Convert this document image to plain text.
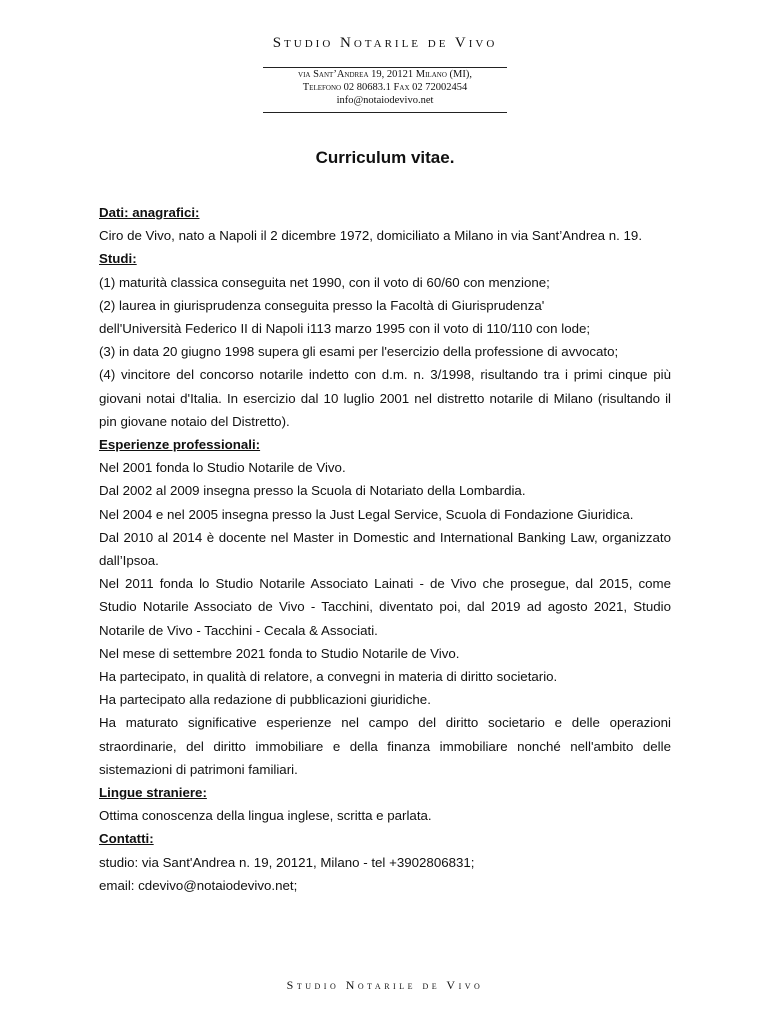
Studio Notarile de Vivo

via Sant’Andrea 19, 20121 Milano (MI),

Telefono 02 80683.1 Fax 02 72002454

info@notaiodevivo.net

Curriculum vitae.

Dati: anagrafici:

Ciro de Vivo, nato a Napoli il 2 dicembre 1972, domiciliato a Milano in via Sant’Andrea n. 19.

Studi:

(1) maturità classica conseguita net 1990, con il voto di 60/60 con menzione;

(2) laurea in giurisprudenza conseguita presso la Facoltà di Giurisprudenza'

dell'Università Federico II di Napoli i113 marzo 1995 con il voto di 110/110 con lode;

(3) in data 20 giugno 1998 supera gli esami per l'esercizio della professione di avvocato;

(4) vincitore del concorso notarile indetto con d.m. n. 3/1998, risultando tra i primi cinque più giovani notai d'Italia. In esercizio dal 10 luglio 2001 nel distretto notarile di Milano (risultando il pin giovane notaio del Distretto).

Esperienze professionali:

Nel 2001 fonda lo Studio Notarile de Vivo.

Dal 2002 al 2009 insegna presso la Scuola di Notariato della Lombardia.

Nel 2004 e nel 2005 insegna presso la Just Legal Service, Scuola di Fondazione Giuridica.

Dal 2010 al 2014 è docente nel Master in Domestic and International Banking Law, organizzato dall’Ipsoa.

Nel 2011 fonda lo Studio Notarile Associato Lainati - de Vivo che prosegue, dal 2015, come Studio Notarile Associato de Vivo - Tacchini, diventato poi, dal 2019 ad agosto 2021, Studio Notarile de Vivo - Tacchini - Cecala & Associati.

Nel mese di settembre 2021 fonda to Studio Notarile de Vivo.

Ha partecipato, in qualità di relatore, a convegni in materia di diritto societario.

Ha partecipato alla redazione di pubblicazioni giuridiche.

Ha maturato significative esperienze nel campo del diritto societario e delle operazioni straordinarie, del diritto immobiliare e della finanza immobiliare nonché nell'ambito delle sistemazioni di patrimoni familiari.

Lingue straniere:

Ottima conoscenza della lingua inglese, scritta e parlata.

Contatti:

studio: via Sant'Andrea n. 19, 20121, Milano - tel +3902806831;

email: cdevivo@notaiodevivo.net;

Studio Notarile de Vivo
